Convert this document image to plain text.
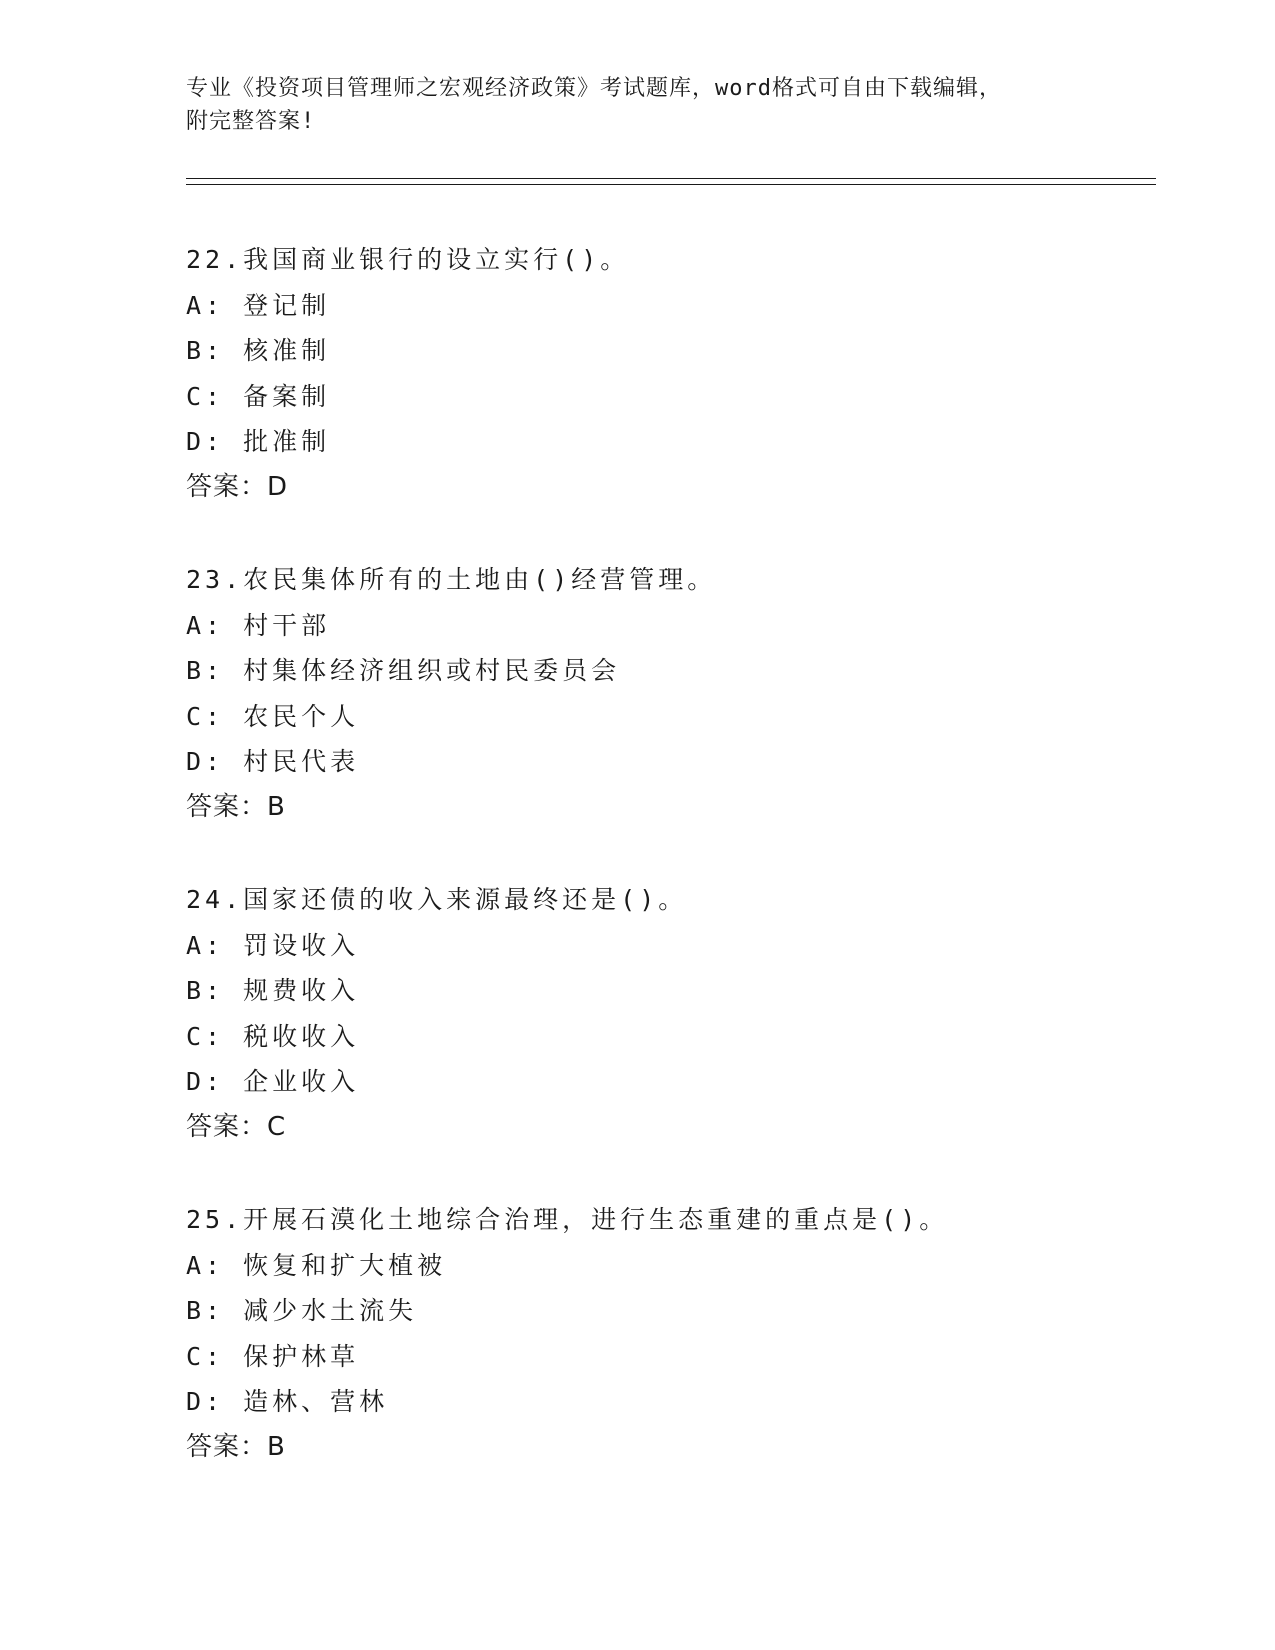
专业《投资项目管理师之宏观经济政策》考试题库，word格式可自由下载编辑，
附完整答案!
22.我国商业银行的设立实行()。
A: 登记制
B: 核准制
C: 备案制
D: 批准制
答案：D
23.农民集体所有的土地由()经营管理。
A: 村干部
B: 村集体经济组织或村民委员会
C: 农民个人
D: 村民代表
答案：B
24.国家还债的收入来源最终还是()。
A: 罚设收入
B: 规费收入
C: 税收收入
D: 企业收入
答案：C
25.开展石漠化土地综合治理，进行生态重建的重点是()。
A: 恢复和扩大植被
B: 减少水土流失
C: 保护林草
D: 造林、营林
答案：B
